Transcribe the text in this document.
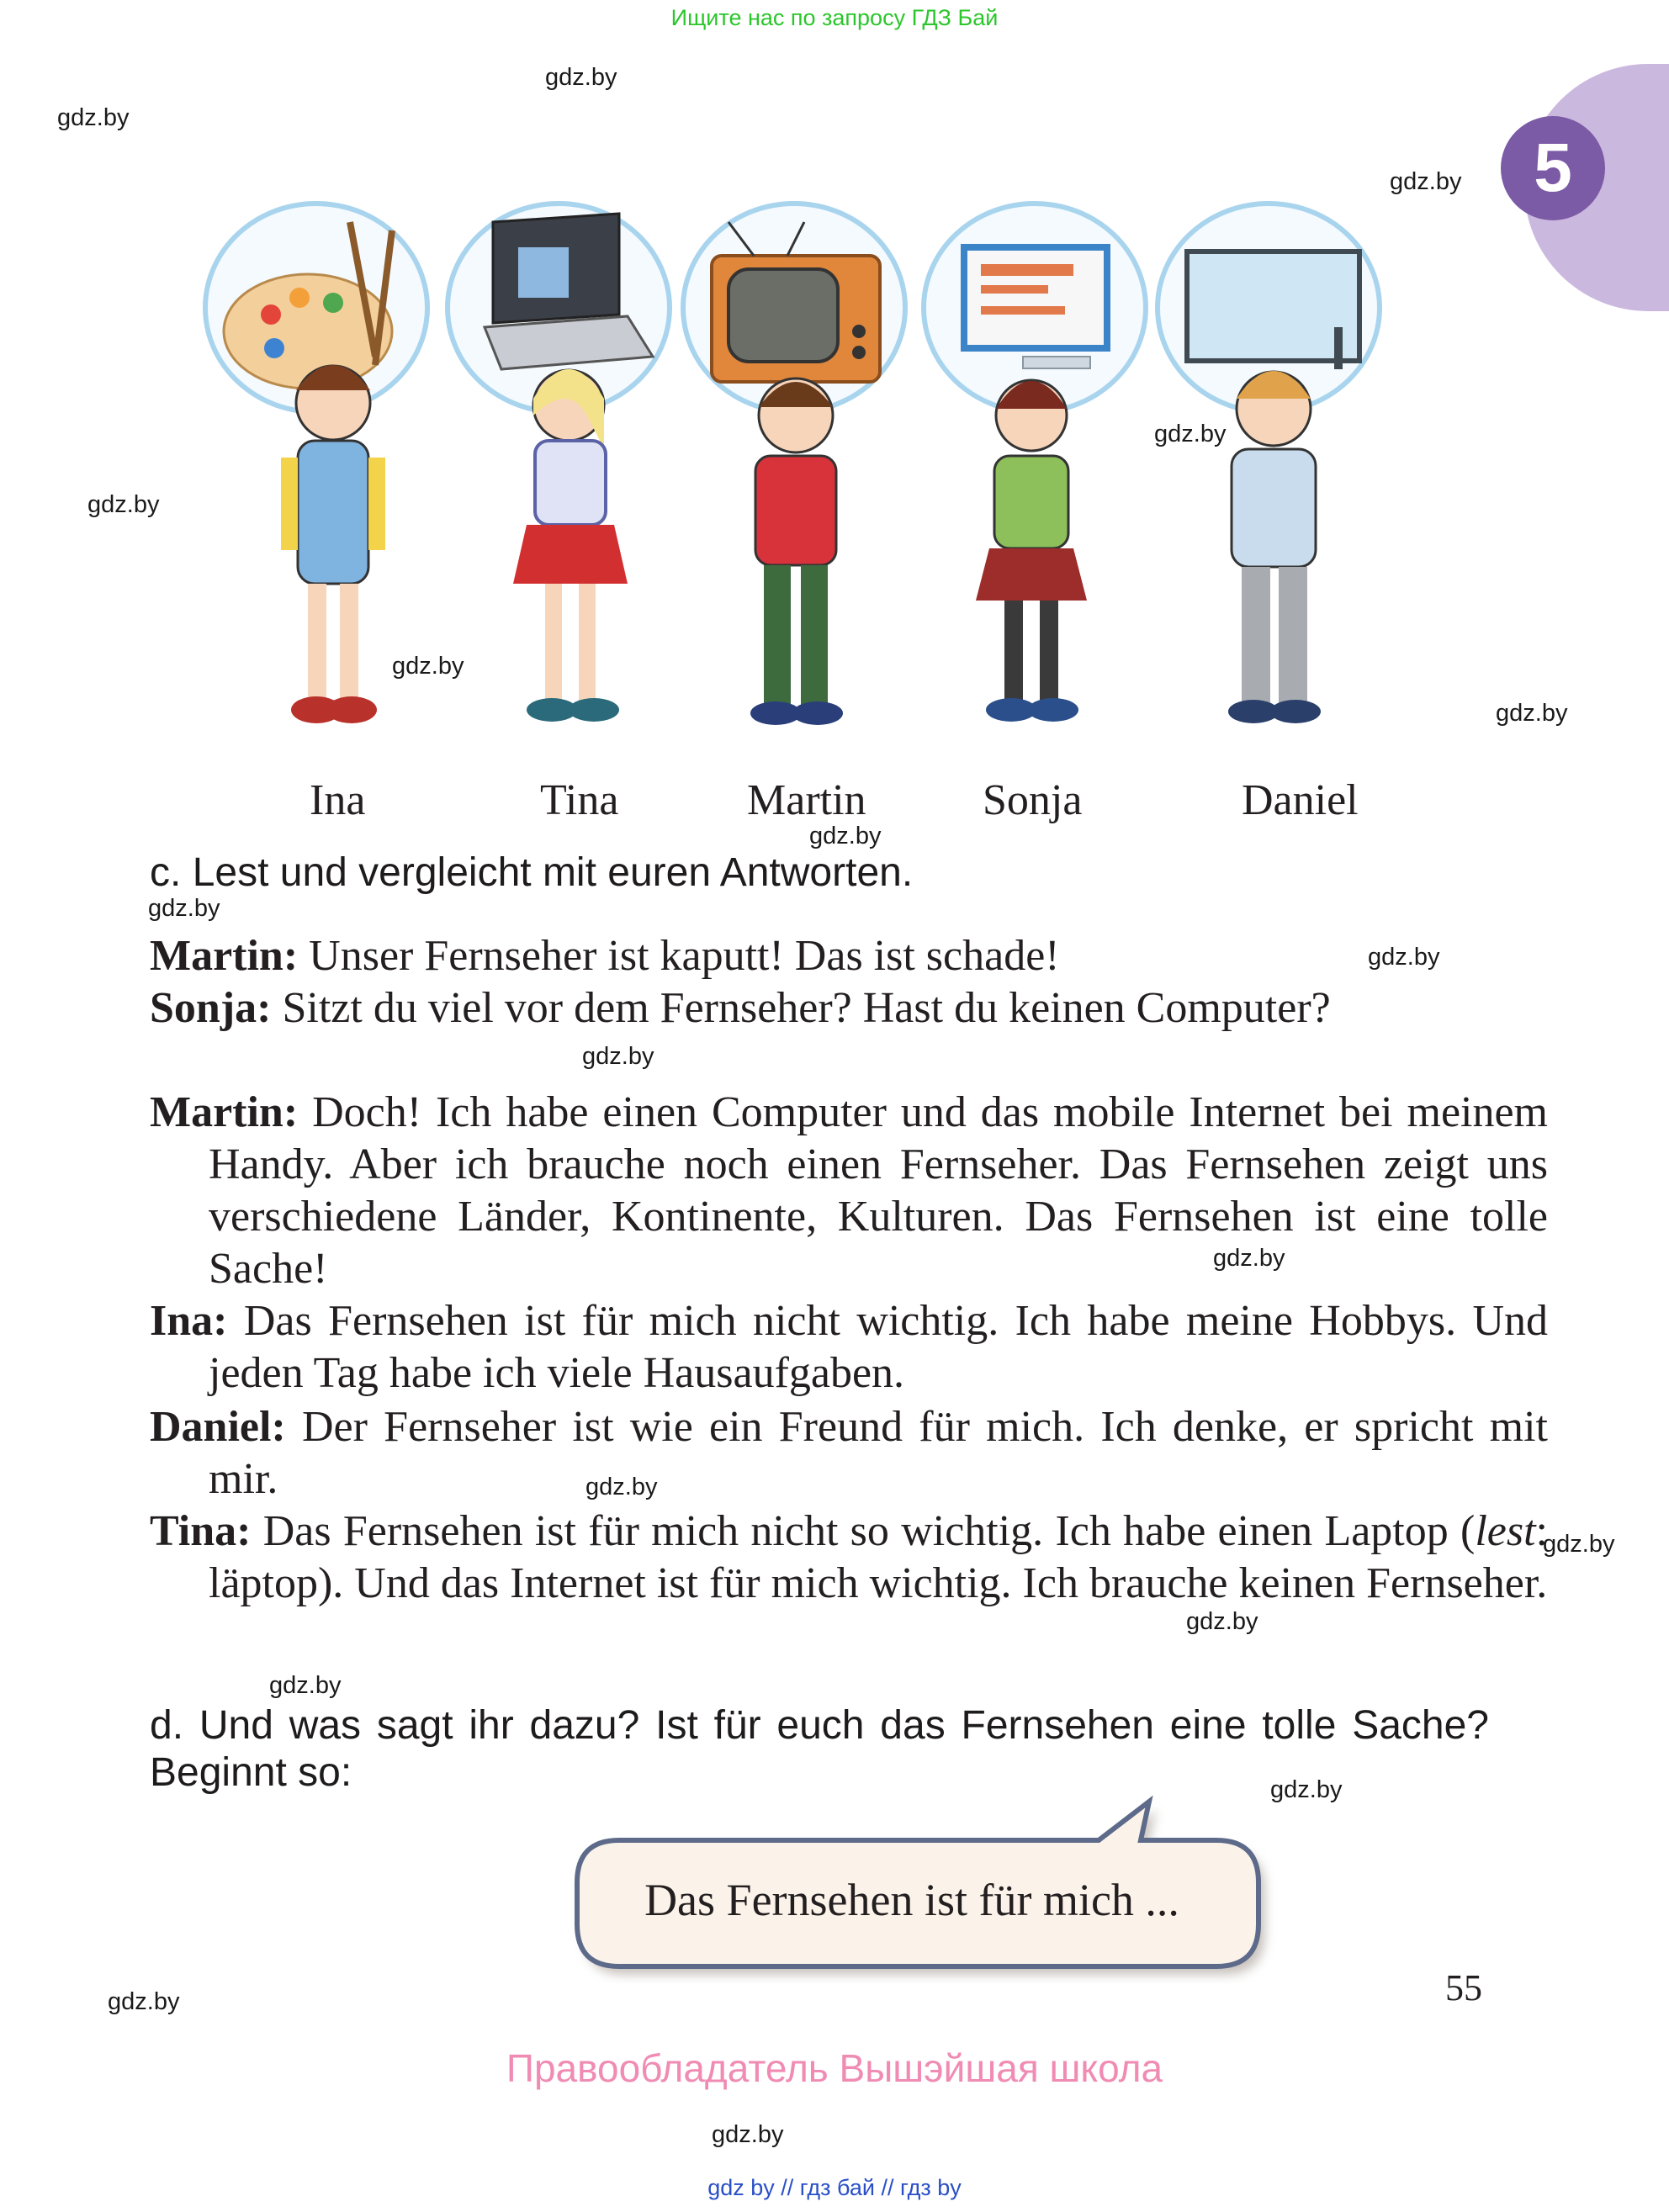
Ищите нас по запросу ГДЗ Бай
5
gdz.by
gdz.by
gdz.by
gdz.by
gdz.by
gdz.by
gdz.by
gdz.by
gdz.by
gdz.by
gdz.by
gdz.by
gdz.by
gdz.by
gdz.by
gdz.by
gdz.by
gdz.by
gdz.by
Ina	Tina	Martin	Sonja	Daniel
c. Lest und vergleicht mit euren Antworten.
Martin: Unser Fernseher ist kaputt! Das ist schade!
Sonja: Sitzt du viel vor dem Fernseher? Hast du keinen Computer?
Martin: Doch! Ich habe einen Computer und das mobile Internet bei meinem Handy. Aber ich brauche noch einen Fernseher. Das Fernsehen zeigt uns verschiedene Länder, Kontinente, Kulturen. Das Fernsehen ist eine tolle Sache!
Ina: Das Fernsehen ist für mich nicht wichtig. Ich habe meine Hobbys. Und jeden Tag habe ich viele Hausaufgaben.
Daniel: Der Fernseher ist wie ein Freund für mich. Ich denke, er spricht mit mir.
Tina: Das Fernsehen ist für mich nicht so wichtig. Ich habe einen Laptop (lest: läptop). Und das Internet ist für mich wichtig. Ich brauche keinen Fernseher.
d. Und was sagt ihr dazu? Ist für euch das Fernsehen eine tolle Sache? Beginnt so:
Das Fernsehen ist für mich ...
55
Правообладатель Вышэйшая школа
gdz by // гдз бай // гдз by
